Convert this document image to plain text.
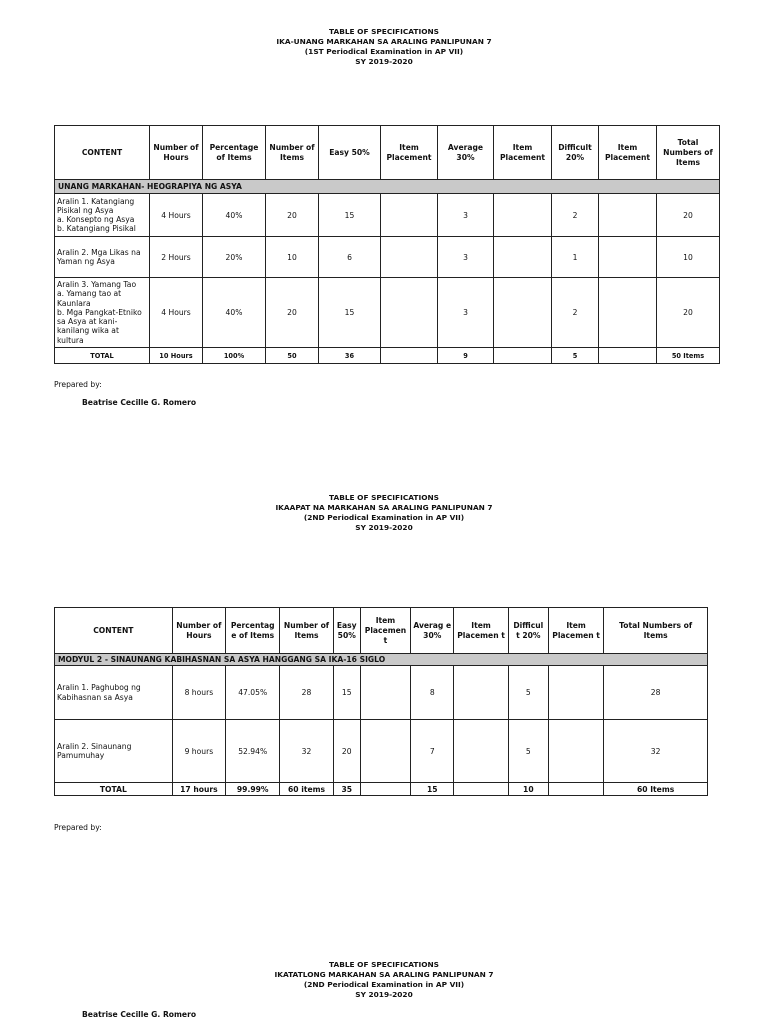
TABLE OF SPECIFICATIONS
IKA-UNANG MARKAHAN SA ARALING PANLIPUNAN 7
(1ST Periodical Examination in AP VII)
SY 2019-2020
CONTENT	Number of Hours	Percentage of Items	Number of Items	Easy 50%	Item Placement	Average 30%	Item Placement	Difficult 20%	Item Placement	Total Numbers of Items
UNANG MARKAHAN- HEOGRAPIYA NG ASYA										

Aralin 1. Katangiang Pisikal ng Asya
a. Konsepto ng Asya
b. Katangiang Pisikal	4 Hours	40%	20	15		3		2		20
Aralin 2. Mga Likas na Yaman ng Asya	2 Hours	20%	10	6		3		1		10

Aralin 3. Yamang Tao
a. Yamang tao at Kaunlara
b. Mga Pangkat-Etniko sa Asya at kani-kanilang wika at kultura	4 Hours	40%	20	15		3		2		20
TOTAL	10 Hours	100%	50	36		9		5		50 Items
Prepared by:
Beatrise Cecille G. Romero
TABLE OF SPECIFICATIONS
IKAAPAT NA MARKAHAN SA ARALING PANLIPUNAN 7
(2ND Periodical Examination in AP VII)
SY 2019-2020
CONTENT	Number of Hours	Percentag e of Items	Number of Items	Easy 50%	Item Placemen t	Averag e 30%	Item Placemen t	Difficul t 20%	Item Placemen t	Total Numbers of Items
MODYUL 2 - SINAUNANG KABIHASNAN SA ASYA HANGGANG SA IKA-16 SIGLO										
Aralin 1. Paghubog ng Kabihasnan sa Asya	8 hours	47.05%	28	15		8		5		28
Aralin 2. Sinaunang Pamumuhay	9 hours	52.94%	32	20		7		5		32
TOTAL	17 hours	99.99%	60 items	35		15		10		60 Items
Prepared by:
TABLE OF SPECIFICATIONS
IKATATLONG MARKAHAN SA ARALING PANLIPUNAN 7
(2ND Periodical Examination in AP VII)
SY 2019-2020
Beatrise Cecille G. Romero
